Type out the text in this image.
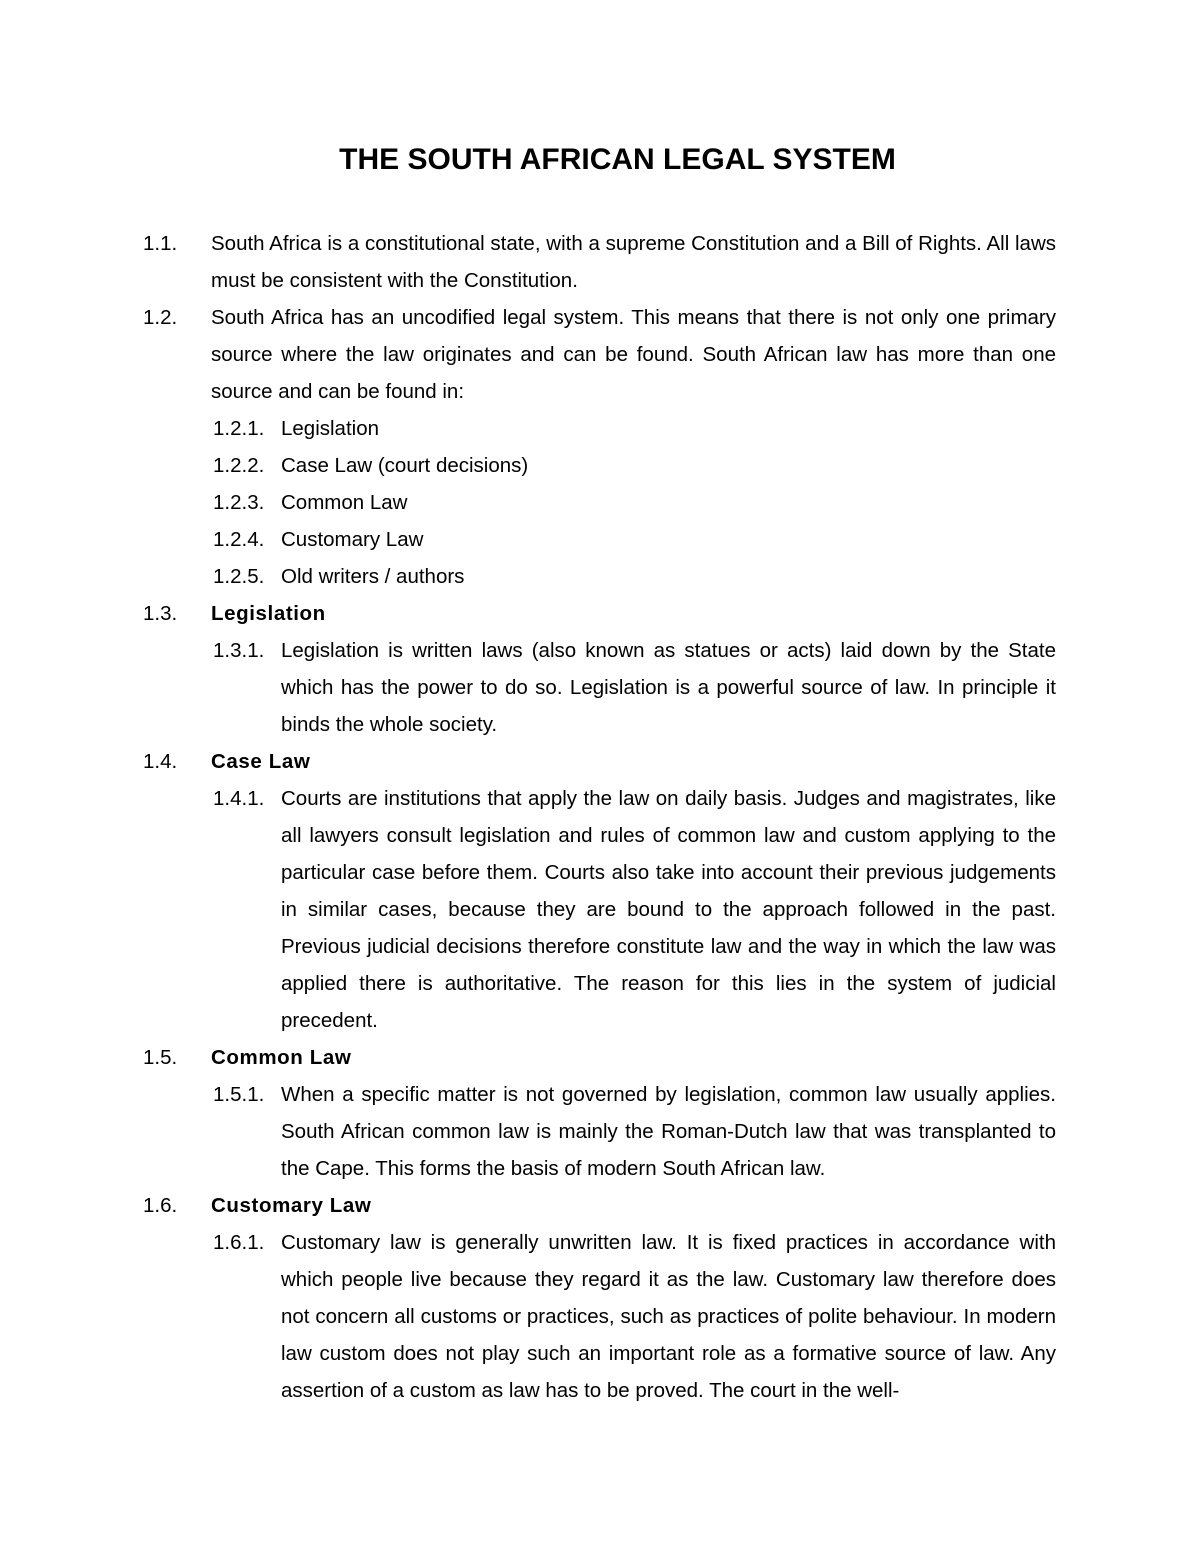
THE SOUTH AFRICAN LEGAL SYSTEM
1.1. South Africa is a constitutional state, with a supreme Constitution and a Bill of Rights. All laws must be consistent with the Constitution.
1.2. South Africa has an uncodified legal system. This means that there is not only one primary source where the law originates and can be found. South African law has more than one source and can be found in:
1.2.1. Legislation
1.2.2. Case Law (court decisions)
1.2.3. Common Law
1.2.4. Customary Law
1.2.5. Old writers / authors
1.3. Legislation
1.3.1. Legislation is written laws (also known as statues or acts) laid down by the State which has the power to do so. Legislation is a powerful source of law. In principle it binds the whole society.
1.4. Case Law
1.4.1. Courts are institutions that apply the law on daily basis. Judges and magistrates, like all lawyers consult legislation and rules of common law and custom applying to the particular case before them. Courts also take into account their previous judgements in similar cases, because they are bound to the approach followed in the past. Previous judicial decisions therefore constitute law and the way in which the law was applied there is authoritative. The reason for this lies in the system of judicial precedent.
1.5. Common Law
1.5.1. When a specific matter is not governed by legislation, common law usually applies. South African common law is mainly the Roman-Dutch law that was transplanted to the Cape. This forms the basis of modern South African law.
1.6. Customary Law
1.6.1. Customary law is generally unwritten law. It is fixed practices in accordance with which people live because they regard it as the law. Customary law therefore does not concern all customs or practices, such as practices of polite behaviour. In modern law custom does not play such an important role as a formative source of law. Any assertion of a custom as law has to be proved. The court in the well-
